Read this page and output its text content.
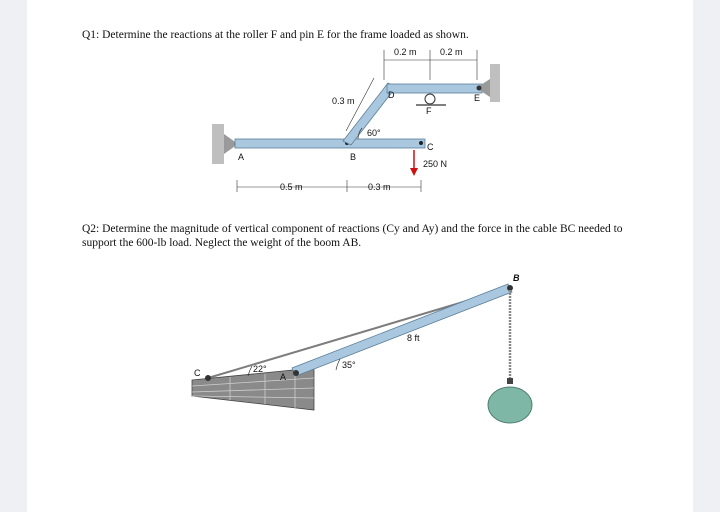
Q1: Determine the reactions at the roller F and pin E for the frame loaded as shown.
Q2: Determine the magnitude of vertical component of reactions (Cy and Ay) and the force in the cable BC needed to support the 600-lb load. Neglect the weight of the boom AB.
0.2 m	0.2 m
0.3 m
60°
250 N
0.5 m	0.3 m
A	B
C
D	E
F
8 ft
22°	35°
B
C	A
